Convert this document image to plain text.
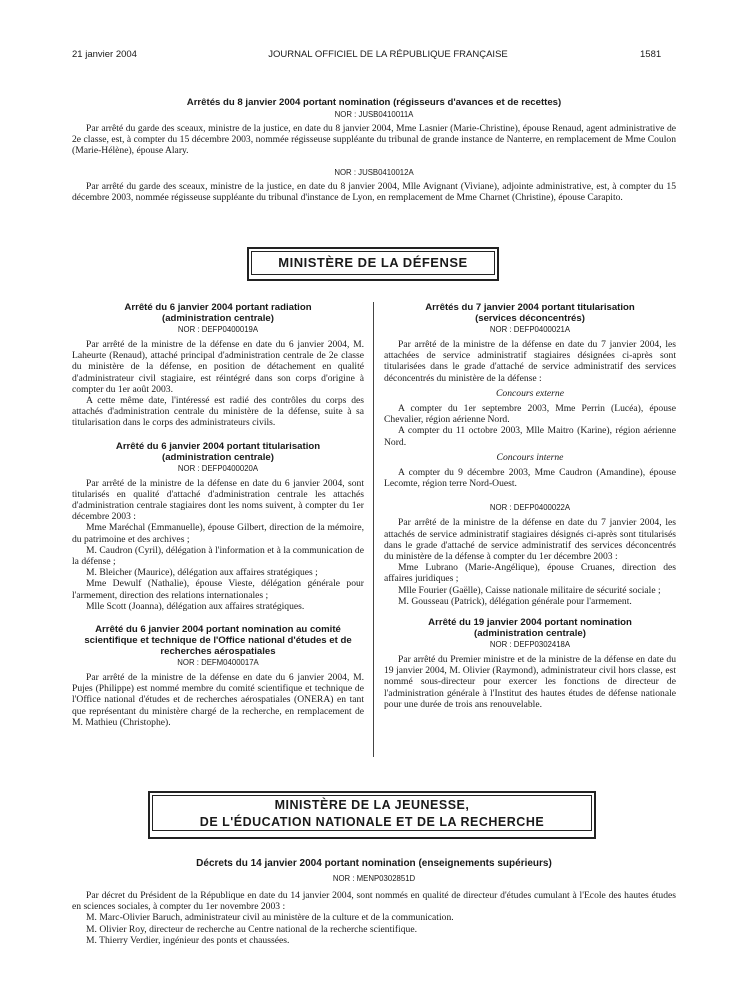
21 janvier 2004	JOURNAL OFFICIEL DE LA RÉPUBLIQUE FRANÇAISE	1581
Arrêtés du 8 janvier 2004 portant nomination (régisseurs d'avances et de recettes)
NOR : JUSB0410011A

Par arrêté du garde des sceaux, ministre de la justice, en date du 8 janvier 2004, Mme Lasnier (Marie-Christine), épouse Renaud, agent administrative de 2e classe, est, à compter du 15 décembre 2003, nommée régisseuse suppléante du tribunal de grande instance de Nanterre, en remplacement de Mme Coulon (Marie-Hélène), épouse Alary.

NOR : JUSB0410012A

Par arrêté du garde des sceaux, ministre de la justice, en date du 8 janvier 2004, Mlle Avignant (Viviane), adjointe administrative, est, à compter du 15 décembre 2003, nommée régisseuse suppléante du tribunal d'instance de Lyon, en remplacement de Mme Charnet (Christine), épouse Carapito.

MINISTÈRE DE LA DÉFENSE
Arrêté du 6 janvier 2004 portant radiation (administration centrale)
NOR : DEFP0400019A

Par arrêté de la ministre de la défense en date du 6 janvier 2004, M. Laheurte (Renaud), attaché principal d'administration centrale de 2e classe du ministère de la défense, en position de détachement en qualité d'administrateur civil stagiaire, est réintégré dans son corps d'origine à compter du 1er août 2003.

A cette même date, l'intéressé est radié des contrôles du corps des attachés d'administration centrale du ministère de la défense, suite à sa titularisation dans le corps des administrateurs civils.

Arrêté du 6 janvier 2004 portant titularisation (administration centrale)
NOR : DEFP0400020A

Par arrêté de la ministre de la défense en date du 6 janvier 2004, sont titularisés en qualité d'attaché d'administration centrale les attachés d'administration centrale stagiaires dont les noms suivent, à compter du 1er décembre 2003 :

Mme Maréchal (Emmanuelle), épouse Gilbert, direction de la mémoire, du patrimoine et des archives ;

M. Caudron (Cyril), délégation à l'information et à la communication de la défense ;

M. Bleicher (Maurice), délégation aux affaires stratégiques ;

Mme Dewulf (Nathalie), épouse Vieste, délégation générale pour l'armement, direction des relations internationales ;

Mlle Scott (Joanna), délégation aux affaires stratégiques.

Arrêté du 6 janvier 2004 portant nomination au comité scientifique et technique de l'Office national d'études et de recherches aérospatiales
NOR : DEFM0400017A

Par arrêté de la ministre de la défense en date du 6 janvier 2004, M. Pujes (Philippe) est nommé membre du comité scientifique et technique de l'Office national d'études et de recherches aérospatiales (ONERA) en tant que représentant du ministère chargé de la recherche, en remplacement de M. Mathieu (Christophe).

Arrêtés du 7 janvier 2004 portant titularisation (services déconcentrés)
NOR : DEFP0400021A

Par arrêté de la ministre de la défense en date du 7 janvier 2004, les attachées de service administratif stagiaires désignées ci-après sont titularisées dans le grade d'attaché de service administratif des services déconcentrés du ministère de la défense :

Concours externe

A compter du 1er septembre 2003, Mme Perrin (Lucéa), épouse Chevalier, région aérienne Nord.

A compter du 11 octobre 2003, Mlle Maitro (Karine), région aérienne Nord.

Concours interne

A compter du 9 décembre 2003, Mme Caudron (Amandine), épouse Lecomte, région terre Nord-Ouest.

NOR : DEFP0400022A

Par arrêté de la ministre de la défense en date du 7 janvier 2004, les attachés de service administratif stagiaires désignés ci-après sont titularisés dans le grade d'attaché de service administratif des services déconcentrés du ministère de la défense à compter du 1er décembre 2003 :

Mme Lubrano (Marie-Angélique), épouse Cruanes, direction des affaires juridiques ;

Mlle Fourier (Gaëlle), Caisse nationale militaire de sécurité sociale ;

M. Gousseau (Patrick), délégation générale pour l'armement.

Arrêté du 19 janvier 2004 portant nomination (administration centrale)
NOR : DEFP0302418A

Par arrêté du Premier ministre et de la ministre de la défense en date du 19 janvier 2004, M. Olivier (Raymond), administrateur civil hors classe, est nommé sous-directeur pour exercer les fonctions de directeur de l'administration générale à l'Institut des hautes études de défense nationale pour une durée de trois ans renouvelable.

MINISTÈRE DE LA JEUNESSE,
DE L'ÉDUCATION NATIONALE ET DE LA RECHERCHE
Décrets du 14 janvier 2004 portant nomination (enseignements supérieurs)
NOR : MENP0302851D

Par décret du Président de la République en date du 14 janvier 2004, sont nommés en qualité de directeur d'études cumulant à l'Ecole des hautes études en sciences sociales, à compter du 1er novembre 2003 :

M. Marc-Olivier Baruch, administrateur civil au ministère de la culture et de la communication.

M. Olivier Roy, directeur de recherche au Centre national de la recherche scientifique.

M. Thierry Verdier, ingénieur des ponts et chaussées.
